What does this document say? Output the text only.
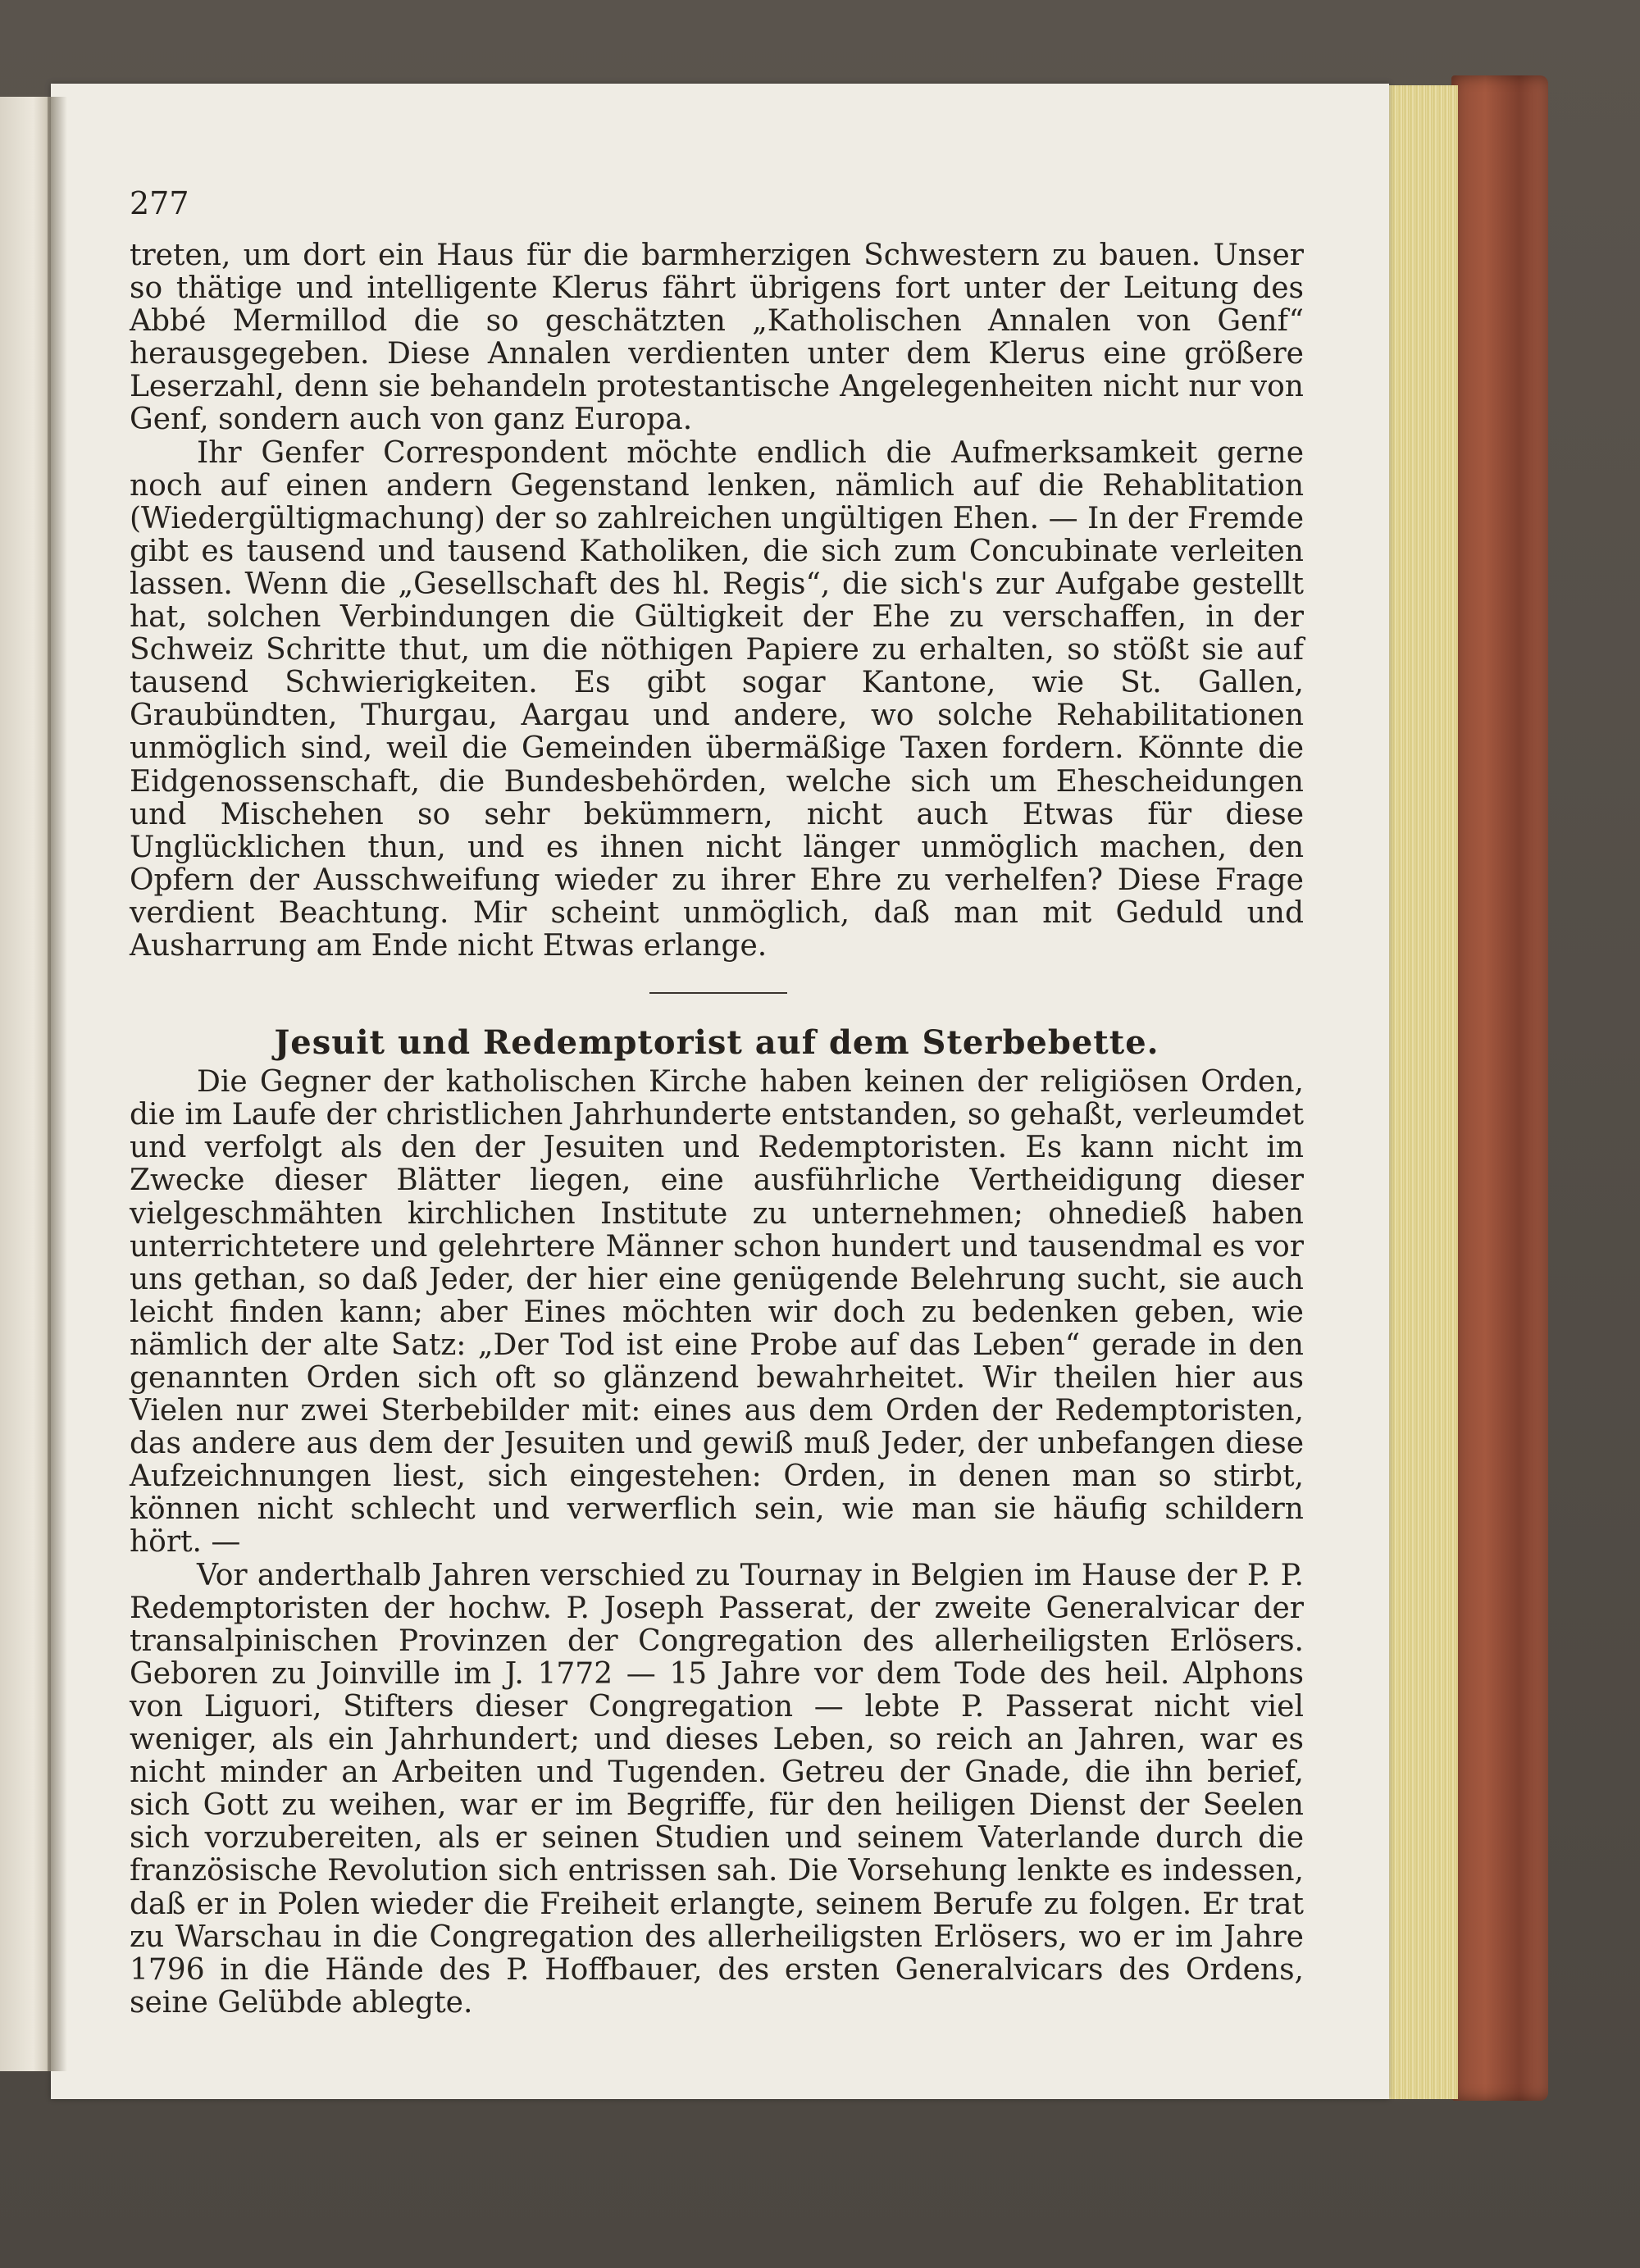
277

treten, um dort ein Haus für die barmherzigen Schwestern zu bauen. Unser so thätige und intelligente Klerus fährt übrigens fort unter der Leitung des Abbé Mermillod die so geschätzten „Katholischen Annalen von Genf“ herausgegeben. Diese Annalen verdienten unter dem Klerus eine größere Leserzahl, denn sie behandeln protestantische Angelegenheiten nicht nur von Genf, sondern auch von ganz Europa.

Ihr Genfer Correspondent möchte endlich die Aufmerksamkeit gerne noch auf einen andern Gegenstand lenken, nämlich auf die Rehablitation (Wiedergültigmachung) der so zahlreichen ungültigen Ehen. — In der Fremde gibt es tausend und tausend Katholiken, die sich zum Concubinate verleiten lassen. Wenn die „Gesellschaft des hl. Regis“, die sich's zur Aufgabe gestellt hat, solchen Verbindungen die Gültigkeit der Ehe zu verschaffen, in der Schweiz Schritte thut, um die nöthigen Papiere zu erhalten, so stößt sie auf tausend Schwierigkeiten. Es gibt sogar Kantone, wie St. Gallen, Graubündten, Thurgau, Aargau und andere, wo solche Rehabilitationen unmöglich sind, weil die Gemeinden übermäßige Taxen fordern. Könnte die Eidgenossenschaft, die Bundesbehörden, welche sich um Ehescheidungen und Mischehen so sehr bekümmern, nicht auch Etwas für diese Unglücklichen thun, und es ihnen nicht länger unmöglich machen, den Opfern der Ausschweifung wieder zu ihrer Ehre zu verhelfen? Diese Frage verdient Beachtung. Mir scheint unmöglich, daß man mit Geduld und Ausharrung am Ende nicht Etwas erlange.

Jesuit und Redemptorist auf dem Sterbebette.

Die Gegner der katholischen Kirche haben keinen der religiösen Orden, die im Laufe der christlichen Jahrhunderte entstanden, so gehaßt, verleumdet und verfolgt als den der Jesuiten und Redemptoristen. Es kann nicht im Zwecke dieser Blätter liegen, eine ausführliche Vertheidigung dieser vielgeschmähten kirchlichen Institute zu unternehmen; ohnedieß haben unterrichtetere und gelehrtere Männer schon hundert und tausendmal es vor uns gethan, so daß Jeder, der hier eine genügende Belehrung sucht, sie auch leicht finden kann; aber Eines möchten wir doch zu bedenken geben, wie nämlich der alte Satz: „Der Tod ist eine Probe auf das Leben“ gerade in den genannten Orden sich oft so glänzend bewahrheitet. Wir theilen hier aus Vielen nur zwei Sterbebilder mit: eines aus dem Orden der Redemptoristen, das andere aus dem der Jesuiten und gewiß muß Jeder, der unbefangen diese Aufzeichnungen liest, sich eingestehen: Orden, in denen man so stirbt, können nicht schlecht und verwerflich sein, wie man sie häufig schildern hört. —

Vor anderthalb Jahren verschied zu Tournay in Belgien im Hause der P. P. Redemptoristen der hochw. P. Joseph Passerat, der zweite Generalvicar der transalpinischen Provinzen der Congregation des allerheiligsten Erlösers. Geboren zu Joinville im J. 1772 — 15 Jahre vor dem Tode des heil. Alphons von Liguori, Stifters dieser Congregation — lebte P. Passerat nicht viel weniger, als ein Jahrhundert; und dieses Leben, so reich an Jahren, war es nicht minder an Arbeiten und Tugenden. Getreu der Gnade, die ihn berief, sich Gott zu weihen, war er im Begriffe, für den heiligen Dienst der Seelen sich vorzubereiten, als er seinen Studien und seinem Vaterlande durch die französische Revolution sich entrissen sah. Die Vorsehung lenkte es indessen, daß er in Polen wieder die Freiheit erlangte, seinem Berufe zu folgen. Er trat zu Warschau in die Congregation des allerheiligsten Erlösers, wo er im Jahre 1796 in die Hände des P. Hoffbauer, des ersten Generalvicars des Ordens, seine Gelübde ablegte.
